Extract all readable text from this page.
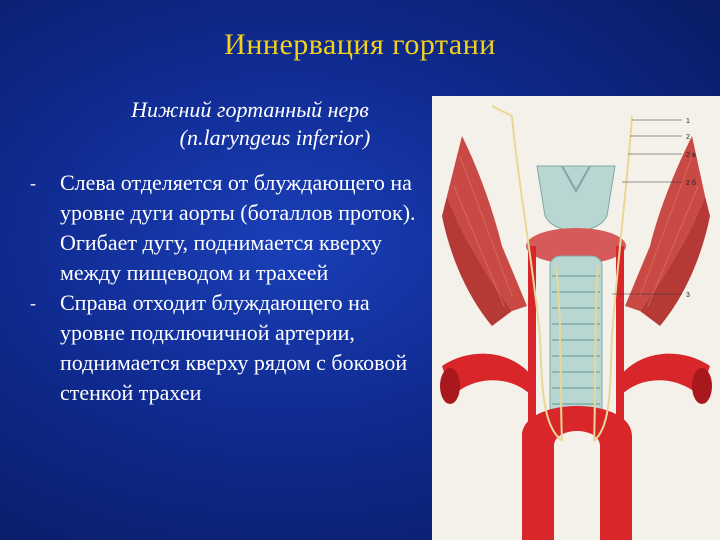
Иннервация гортани
Нижний гортанный нерв
(n.laryngeus inferior)
- Слева отделяется от блуждающего на уровне дуги аорты (боталлов проток). Огибает дугу, поднимается кверху между пищеводом и трахеей
- Справа отходит блуждающего на уровне подключичной артерии, поднимается кверху рядом с боковой стенкой трахеи
1
2
2 a
2 б
3
